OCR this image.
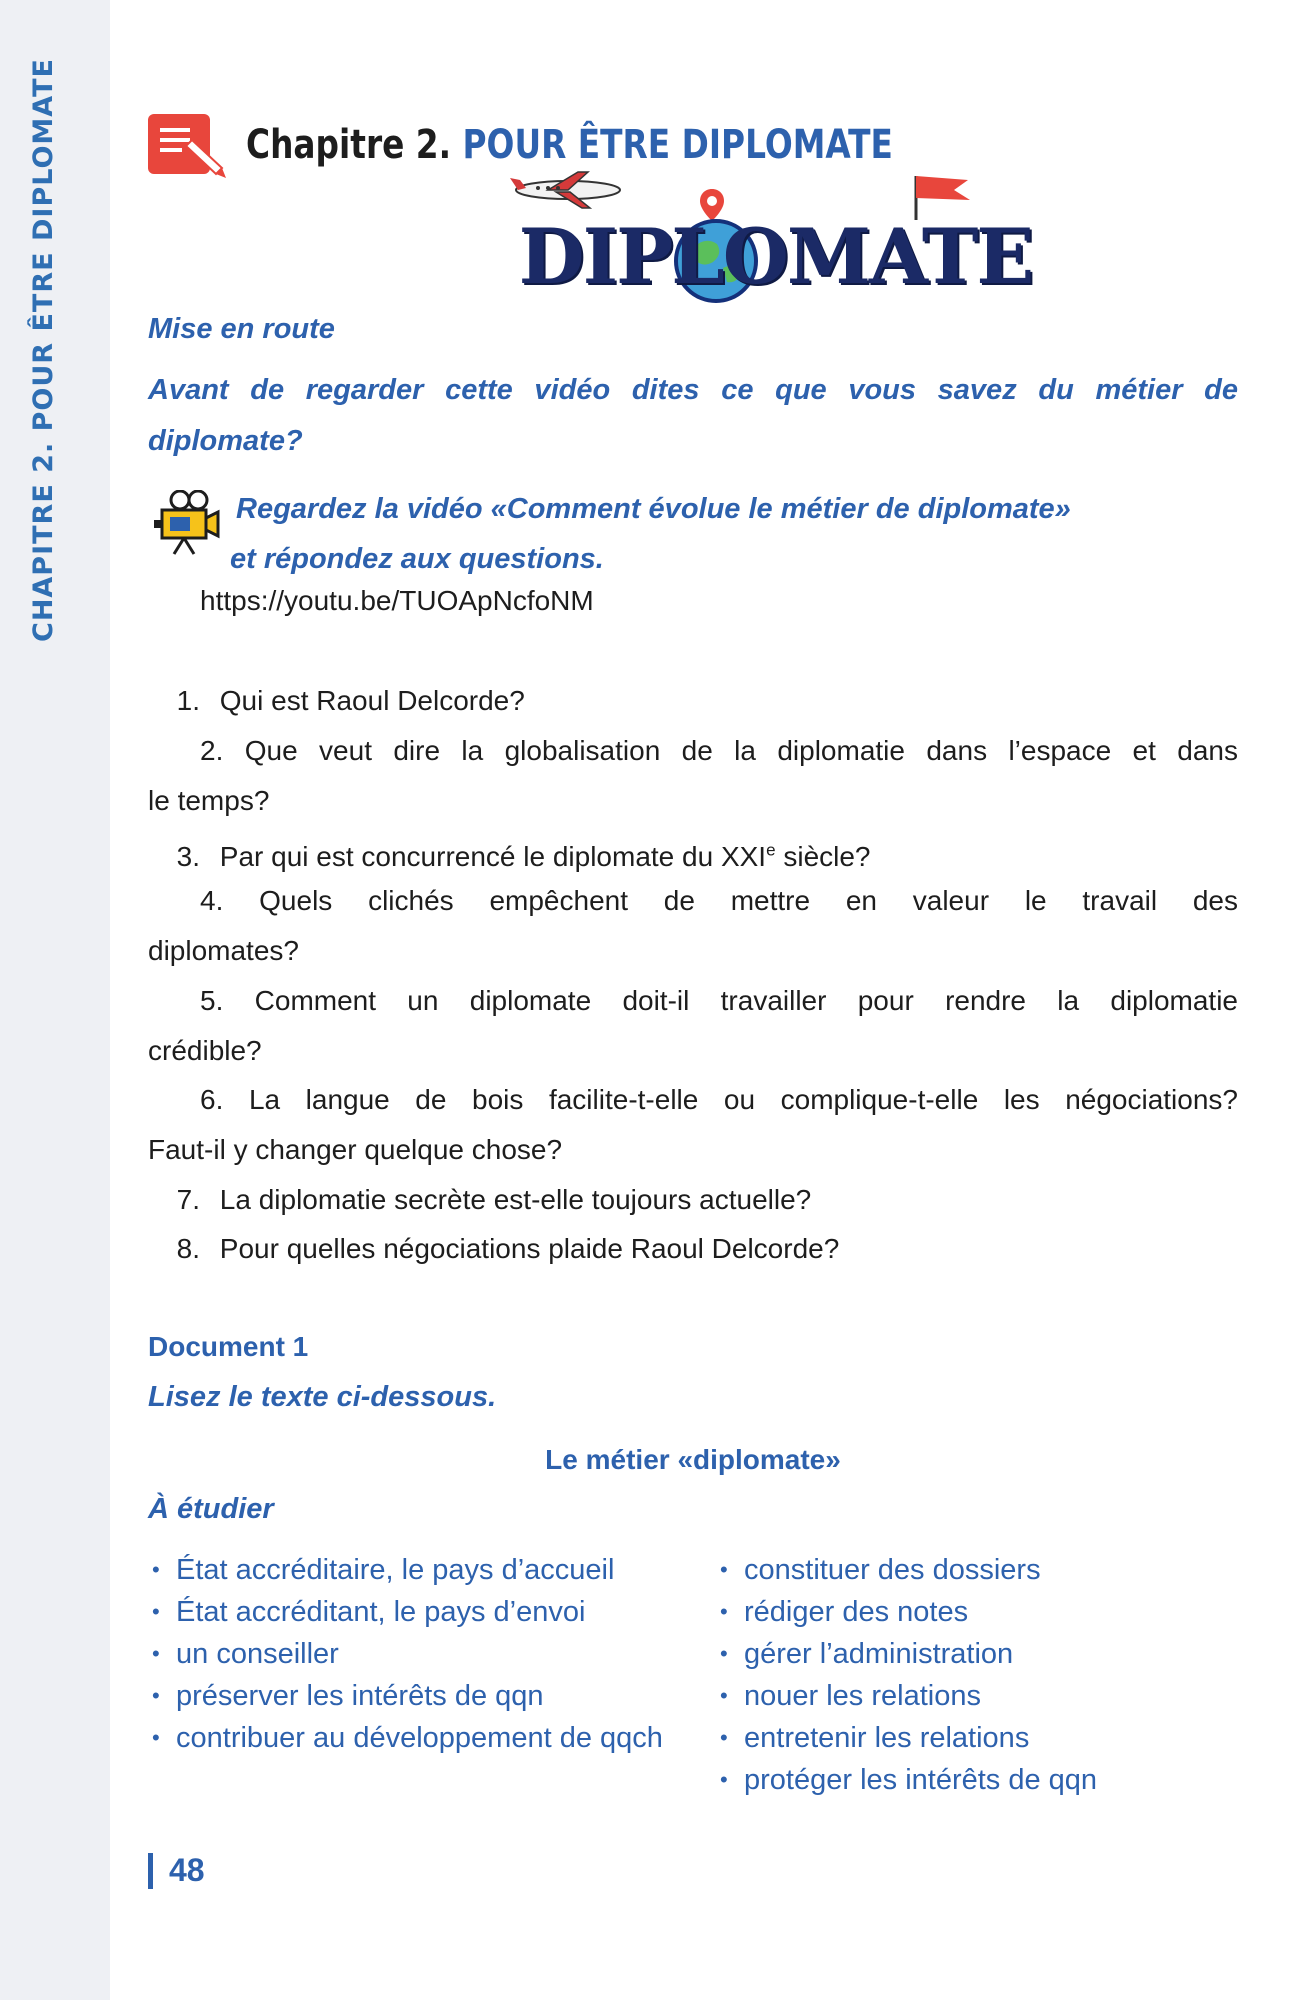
CHAPITRE 2. POUR ÊTRE DIPLOMATE	Chapitre 2. POUR ÊTRE DIPLOMATE
DIPLOMATE
Mise en route
Avant de regarder cette vidéo dites ce que vous savez du métier de
diplomate?
Regardez la vidéo «Comment évolue le métier de diplomate»
et répondez aux questions.
https://youtu.be/TUOApNcfoNM
1. Qui est Raoul Delcorde?
2. Que veut dire la globalisation de la diplomatie dans l’espace et dans
le temps?
3. Par qui est concurrencé le diplomate du XXIe siècle?
4. Quels clichés empêchent de mettre en valeur le travail des
diplomates?
5. Comment un diplomate doit-il travailler pour rendre la diplomatie
crédible?
6. La langue de bois facilite-t-elle ou complique-t-elle les négociations?
Faut-il y changer quelque chose?
7. La diplomatie secrète est-elle toujours actuelle?
8. Pour quelles négociations plaide Raoul Delcorde?
Document 1
Lisez le texte ci-dessous.
Le métier «diplomate»
À étudier
• État accréditaire, le pays d’accueil
• État accréditant, le pays d’envoi
• un conseiller
• préserver les intérêts de qqn
• contribuer au développement de qqch
• constituer des dossiers
• rédiger des notes
• gérer l’administration
• nouer les relations
• entretenir les relations
• protéger les intérêts de qqn
48
